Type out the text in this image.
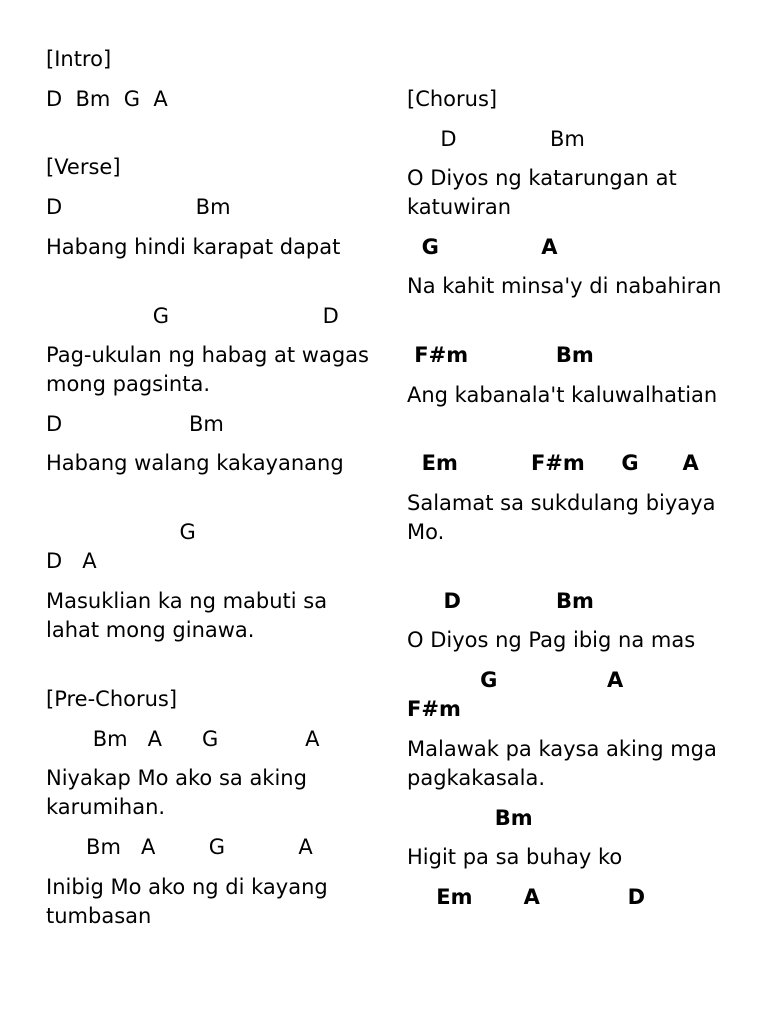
[Intro]
D  Bm  G  A
[Verse]
D                    Bm
Habang hindi karapat dapat
G                       D
Pag-ukulan ng habag at wagas mong pagsinta.
D                   Bm
Habang walang kakayanang
G
D   A
Masuklian ka ng mabuti sa lahat mong ginawa.
[Pre-Chorus]
Bm   A      G             A
Niyakap Mo ako sa aking karumihan.
Bm   A        G           A
Inibig Mo ako ng di kayang tumbasan
[Chorus]
D              Bm
O Diyos ng katarungan at katuwiran
G              A
Na kahit minsa'y di nabahiran
F#m            Bm
Ang kabanala't kaluwalhatian
Em          F#m     G      A
Salamat sa sukdulang biyaya Mo.
D             Bm
O Diyos ng Pag ibig na mas
G               A
F#m
Malawak pa kaysa aking mga pagkakasala.
Bm
Higit pa sa buhay ko
Em       A            D
